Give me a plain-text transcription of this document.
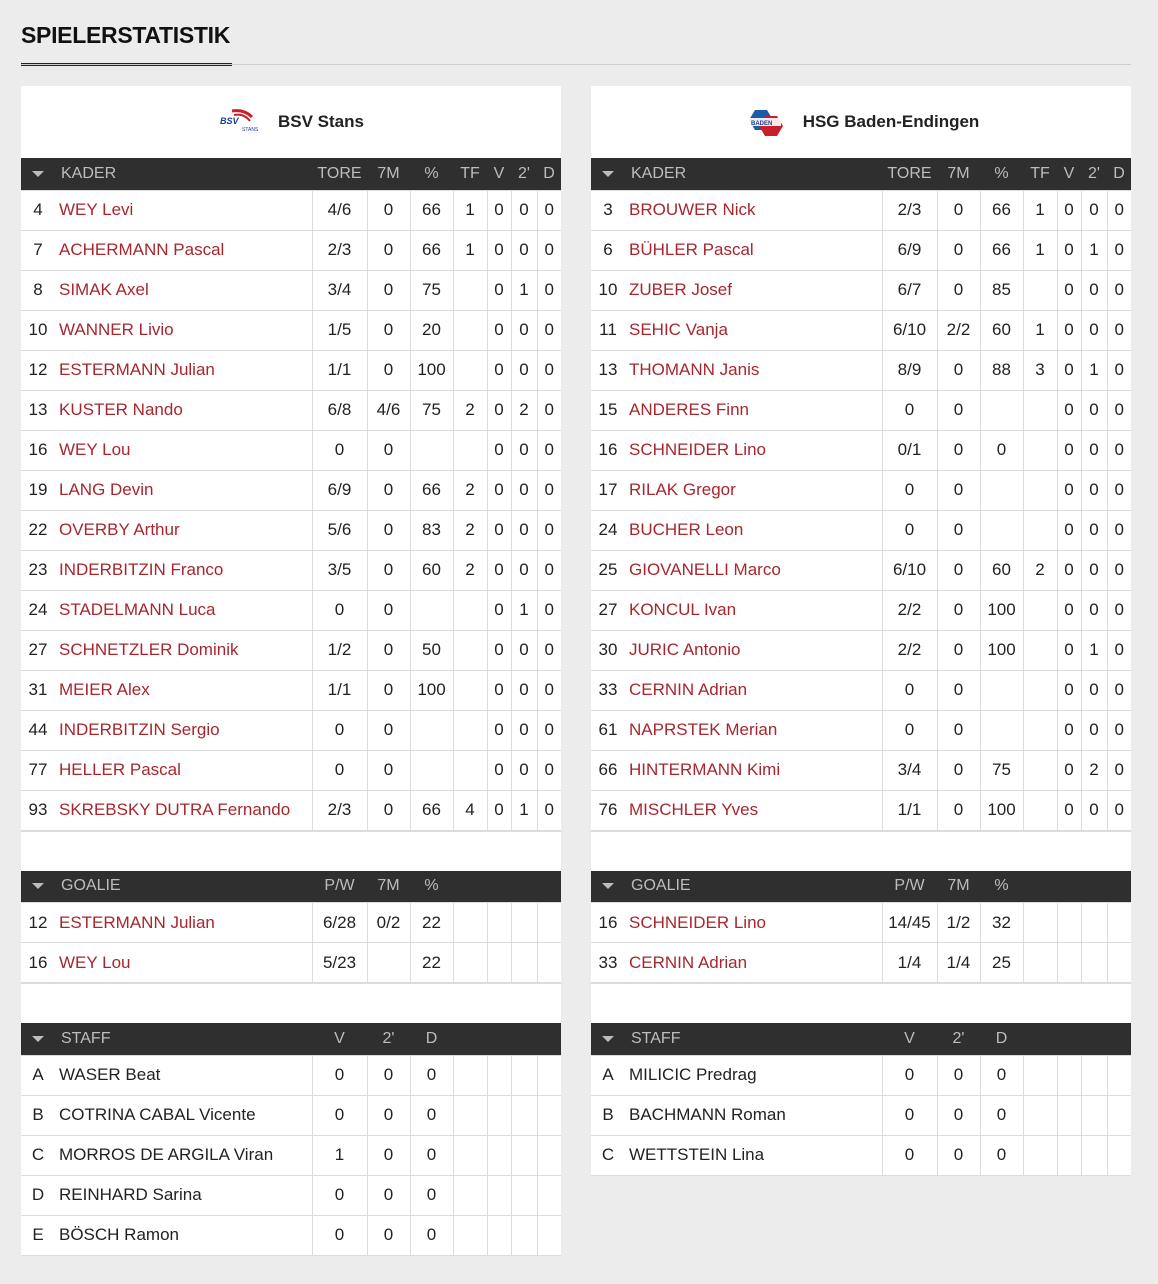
SPIELERSTATISTIK
BSV
STANS BSV Stans
	KADER	TORE	7M	%	TF	V	2'	D
4	WEY Levi	4/6	0	66	1	0	0	0
7	ACHERMANN Pascal	2/3	0	66	1	0	0	0
8	SIMAK Axel	3/4	0	75		0	1	0
10	WANNER Livio	1/5	0	20		0	0	0
12	ESTERMANN Julian	1/1	0	100		0	0	0
13	KUSTER Nando	6/8	4/6	75	2	0	2	0
16	WEY Lou	0	0			0	0	0
19	LANG Devin	6/9	0	66	2	0	0	0
22	OVERBY Arthur	5/6	0	83	2	0	0	0
23	INDERBITZIN Franco	3/5	0	60	2	0	0	0
24	STADELMANN Luca	0	0			0	1	0
27	SCHNETZLER Dominik	1/2	0	50		0	0	0
31	MEIER Alex	1/1	0	100		0	0	0
44	INDERBITZIN Sergio	0	0			0	0	0
77	HELLER Pascal	0	0			0	0	0
93	SKREBSKY DUTRA Fernando	2/3	0	66	4	0	1	0
	GOALIE	P/W	7M	%				
12	ESTERMANN Julian	6/28	0/2	22				
16	WEY Lou	5/23		22				
	STAFF	V	2'	D				
A	WASER Beat	0	0	0				
B	COTRINA CABAL Vicente	0	0	0				
C	MORROS DE ARGILA Viran	1	0	0				
D	REINHARD Sarina	0	0	0				
E	BÖSCH Ramon	0	0	0				
BADEN HSG Baden-Endingen
	KADER	TORE	7M	%	TF	V	2'	D
3	BROUWER Nick	2/3	0	66	1	0	0	0
6	BÜHLER Pascal	6/9	0	66	1	0	1	0
10	ZUBER Josef	6/7	0	85		0	0	0
11	SEHIC Vanja	6/10	2/2	60	1	0	0	0
13	THOMANN Janis	8/9	0	88	3	0	1	0
15	ANDERES Finn	0	0			0	0	0
16	SCHNEIDER Lino	0/1	0	0		0	0	0
17	RILAK Gregor	0	0			0	0	0
24	BUCHER Leon	0	0			0	0	0
25	GIOVANELLI Marco	6/10	0	60	2	0	0	0
27	KONCUL Ivan	2/2	0	100		0	0	0
30	JURIC Antonio	2/2	0	100		0	1	0
33	CERNIN Adrian	0	0			0	0	0
61	NAPRSTEK Merian	0	0			0	0	0
66	HINTERMANN Kimi	3/4	0	75		0	2	0
76	MISCHLER Yves	1/1	0	100		0	0	0
	GOALIE	P/W	7M	%				
16	SCHNEIDER Lino	14/45	1/2	32				
33	CERNIN Adrian	1/4	1/4	25				
	STAFF	V	2'	D				
A	MILICIC Predrag	0	0	0				
B	BACHMANN Roman	0	0	0				
C	WETTSTEIN Lina	0	0	0				
